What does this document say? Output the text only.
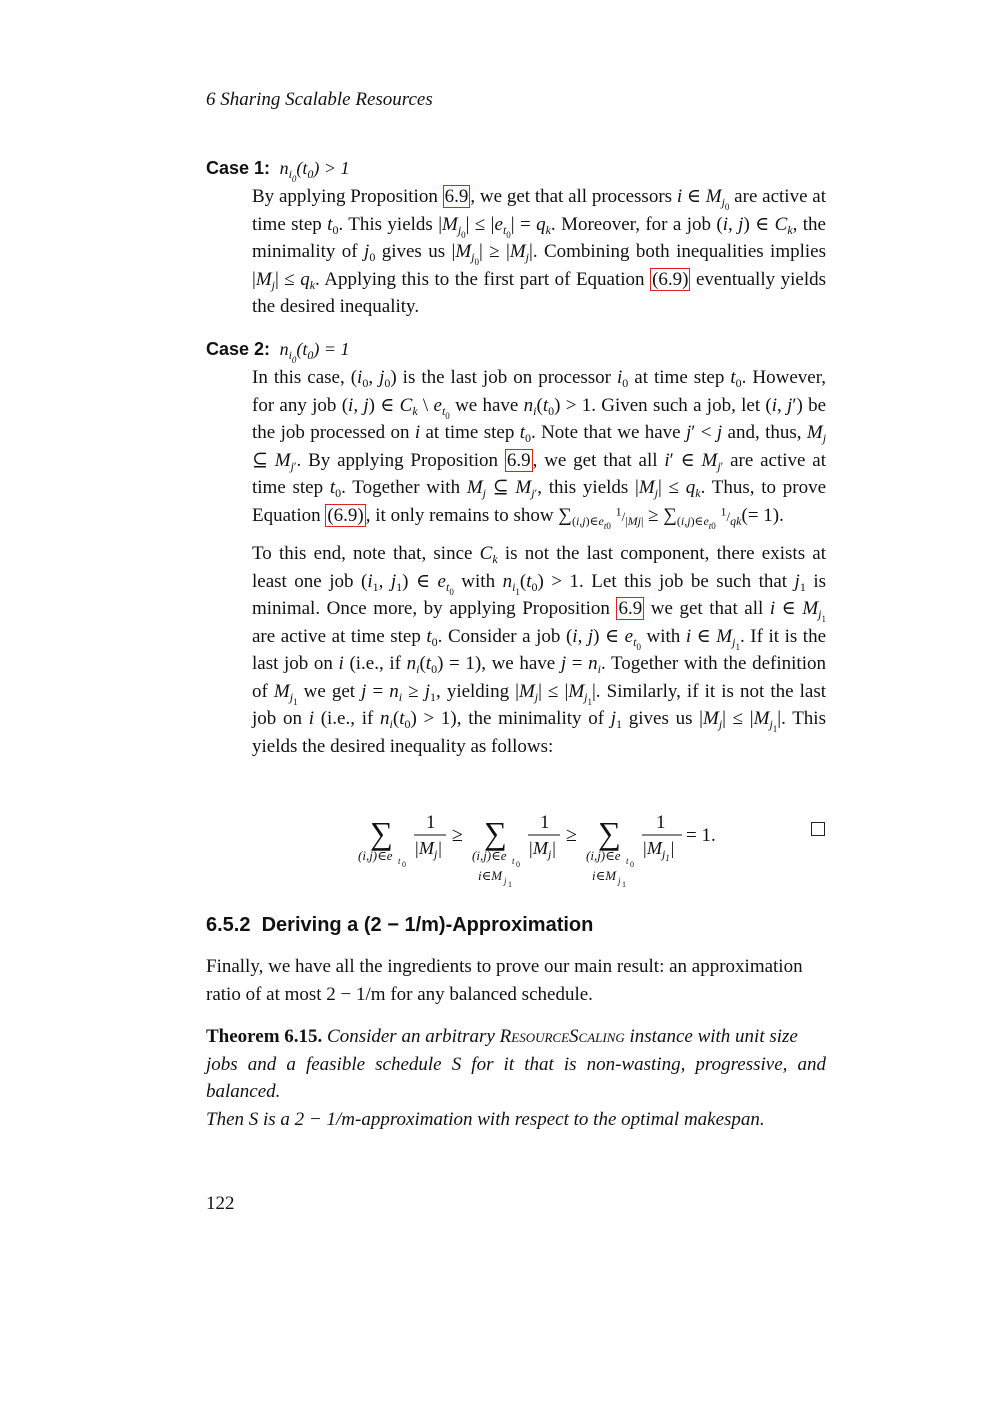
6 Sharing Scalable Resources
Case 1:  $n_{i_0}(t_0) > 1$

By applying Proposition 6.9 , we get that all processors i ∈ $M_{j_0}$ are active at time step $t_0$. This yields $|M_{j_0}| \le |e_{t_0}| = q_k$. Moreover, for a job (i, j) ∈ $C_k$, the minimality of $j_0$ gives us $|M_{j_0}| \ge |M_j|$. Combining both inequalities implies $|M_j| \le q_k$. Applying this to the first part of Equation (6.9) eventually yields the desired inequality.

Case 2:  $n_{i_0}(t_0) = 1$

In this case, ($i_0$, $j_0$) is the last job on processor $i_0$ at time step $t_0$. However, for any job (i, j) ∈ $C_k$ \ $e_{t_0}$ we have $n_i(t_0) > 1$. Given such a job, let (i, j′) be the job processed on i at time step $t_0$. Note that we have j′ < j and, thus, $M_j$ ⊆ $M_{j'}$. By applying Proposition 6.9 , we get that all i′ ∈ $M_{j'}$ are active at time step $t_0$. Together with $M_j$ ⊆ $M_{j'}$, this yields $|M_j| \le q_k$. Thus, to prove Equation (6.9) , it only remains to show $\sum_{(i,j)\in e_{t0}}$ $^1/_{|Mj|} \ge \sum_{(i,j)\in e_{t0}}$ $^1/_{qk}(= 1)$.

To this end, note that, since $C_k$ is not the last component, there exists at least one job ($i_1$, $j_1$) ∈ $e_{t_0}$ with $n_{i_1}(t_0) > 1$. Let this job be such that $j_1$ is minimal. Once more, by applying Proposition 6.9 we get that all i ∈ $M_{j_1}$ are active at time step $t_0$. Consider a job (i, j) ∈ $e_{t_0}$ with i ∈ $M_{j_1}$. If it is the last job on i (i.e., if $n_i(t_0) = 1$), we have $j = n_i$. Together with the definition of $M_{j_1}$ we get $j = n_i \ge j_1$, yielding $|M_j| \le |M_{j_1}|$. Similarly, if it is not the last job on i (i.e., if $n_i(t_0) > 1$), the minimality of $j_1$ gives us $|M_j| \le |M_{j_1}|$. This yields the desired inequality as follows:

∑
(i,j)∈e t 0
1
$|M_j|$
≥ ∑
(i,j)∈e t 0
i∈M j 1
1
$|M_j|$
≥ ∑
(i,j)∈e t 0
i∈M j 1
1
$|M_j1|$
= 1.
6.5.2 Deriving a (2 − 1/m)-Approximation
Finally, we have all the ingredients to prove our main result: an approximation
ratio of at most 2 − 1/m for any balanced schedule.
Theorem 6.15. Consider an arbitrary ResourceScaling instance with unit size
jobs and a feasible schedule S for it that is non-wasting, progressive, and balanced.
Then S is a 2 − 1/m-approximation with respect to the optimal makespan.
122
